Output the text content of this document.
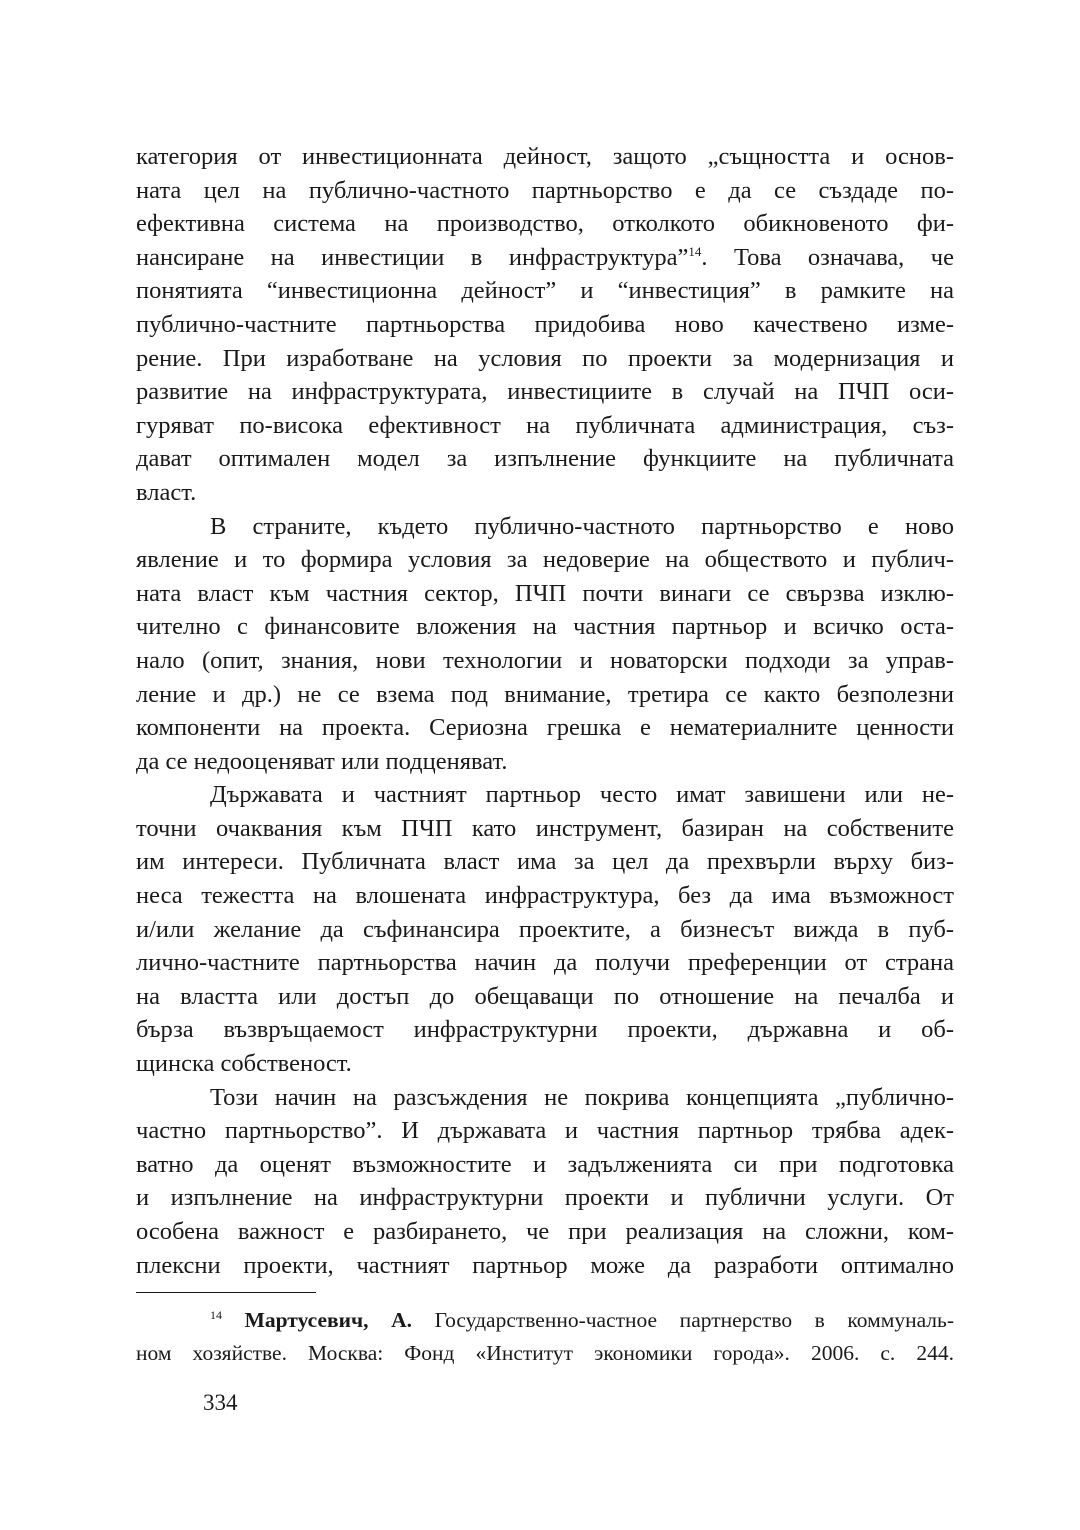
категория от инвестиционната дейност, защото „същността и основ-
ната цел на публично-частното партньорство е да се създаде по-
ефективна система на производство, отколкото обикновеното фи-
нансиране на инвестиции в инфраструктура”$^{14}$. Това означава, че
понятията “инвестиционна дейност” и “инвестиция” в рамките на
публично-частните партньорства придобива ново качествено изме-
рение. При изработване на условия по проекти за модернизация и
развитие на инфраструктурата, инвестициите в случай на ПЧП оси-
гуряват по-висока ефективност на публичната администрация, съз-
дават оптимален модел за изпълнение функциите на публичната
власт.
В страните, където публично-частното партньорство е ново
явление и то формира условия за недоверие на обществото и публич-
ната власт към частния сектор, ПЧП почти винаги се свързва изклю-
чително с финансовите вложения на частния партньор и всичко оста-
нало (опит, знания, нови технологии и новаторски подходи за управ-
ление и др.) не се взема под внимание, третира се както безполезни
компоненти на проекта. Сериозна грешка е нематериалните ценности
да се недооценяват или подценяват.
Държавата и частният партньор често имат завишени или не-
точни очаквания към ПЧП като инструмент, базиран на собствените
им интереси. Публичната власт има за цел да прехвърли върху биз-
неса тежестта на влошената инфраструктура, без да има възможност
и/или желание да съфинансира проектите, а бизнесът вижда в пуб-
лично-частните партньорства начин да получи преференции от страна
на властта или достъп до обещаващи по отношение на печалба и
бърза възвръщаемост инфраструктурни проекти, държавна и об-
щинска собственост.
Този начин на разсъждения не покрива концепцията „публично-
частно партньорство”. И държавата и частния партньор трябва адек-
ватно да оценят възможностите и задълженията си при подготовка
и изпълнение на инфраструктурни проекти и публични услуги. От
особена важност е разбирането, че при реализация на сложни, ком-
плексни проекти, частният партньор може да разработи оптимално
$^{14}$ Мартусевич, А. Государственно-частное партнерство в коммуналь-
ном хозяйстве. Москва: Фонд «Институт экономики города». 2006. с. 244.
334
